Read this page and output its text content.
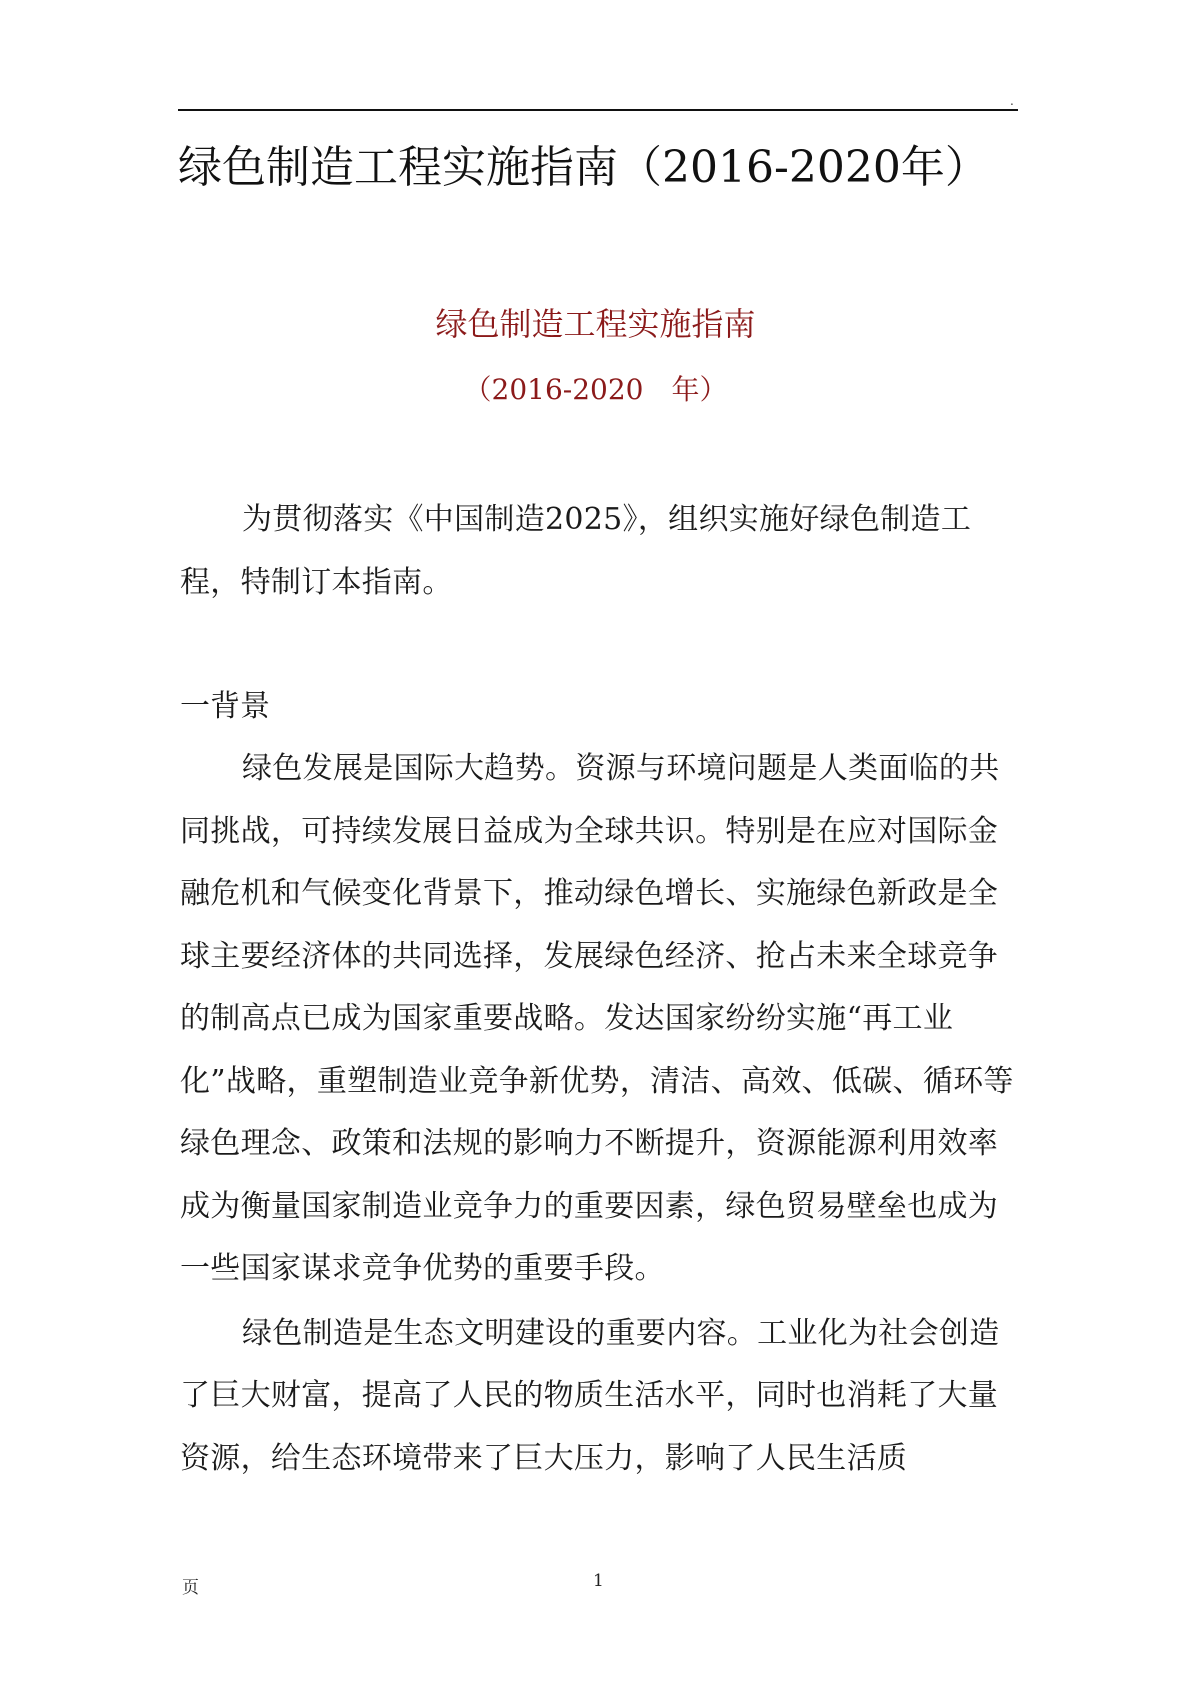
.
绿色制造工程实施指南（2016-2020年）
绿色制造工程实施指南
（2016-2020　年）

为贯彻落实《中国制造2025》，组织实施好绿色制造工程，特制订本指南。

一背景

绿色发展是国际大趋势。资源与环境问题是人类面临的共同挑战，可持续发展日益成为全球共识。特别是在应对国际金融危机和气候变化背景下，推动绿色增长、实施绿色新政是全球主要经济体的共同选择，发展绿色经济、抢占未来全球竞争的制高点已成为国家重要战略。发达国家纷纷实施“再工业化”战略，重塑制造业竞争新优势，清洁、高效、低碳、循环等绿色理念、政策和法规的影响力不断提升，资源能源利用效率成为衡量国家制造业竞争力的重要因素，绿色贸易壁垒也成为一些国家谋求竞争优势的重要手段。

绿色制造是生态文明建设的重要内容。工业化为社会创造了巨大财富，提高了人民的物质生活水平，同时也消耗了大量资源，给生态环境带来了巨大压力，影响了人民生活质

页	1
